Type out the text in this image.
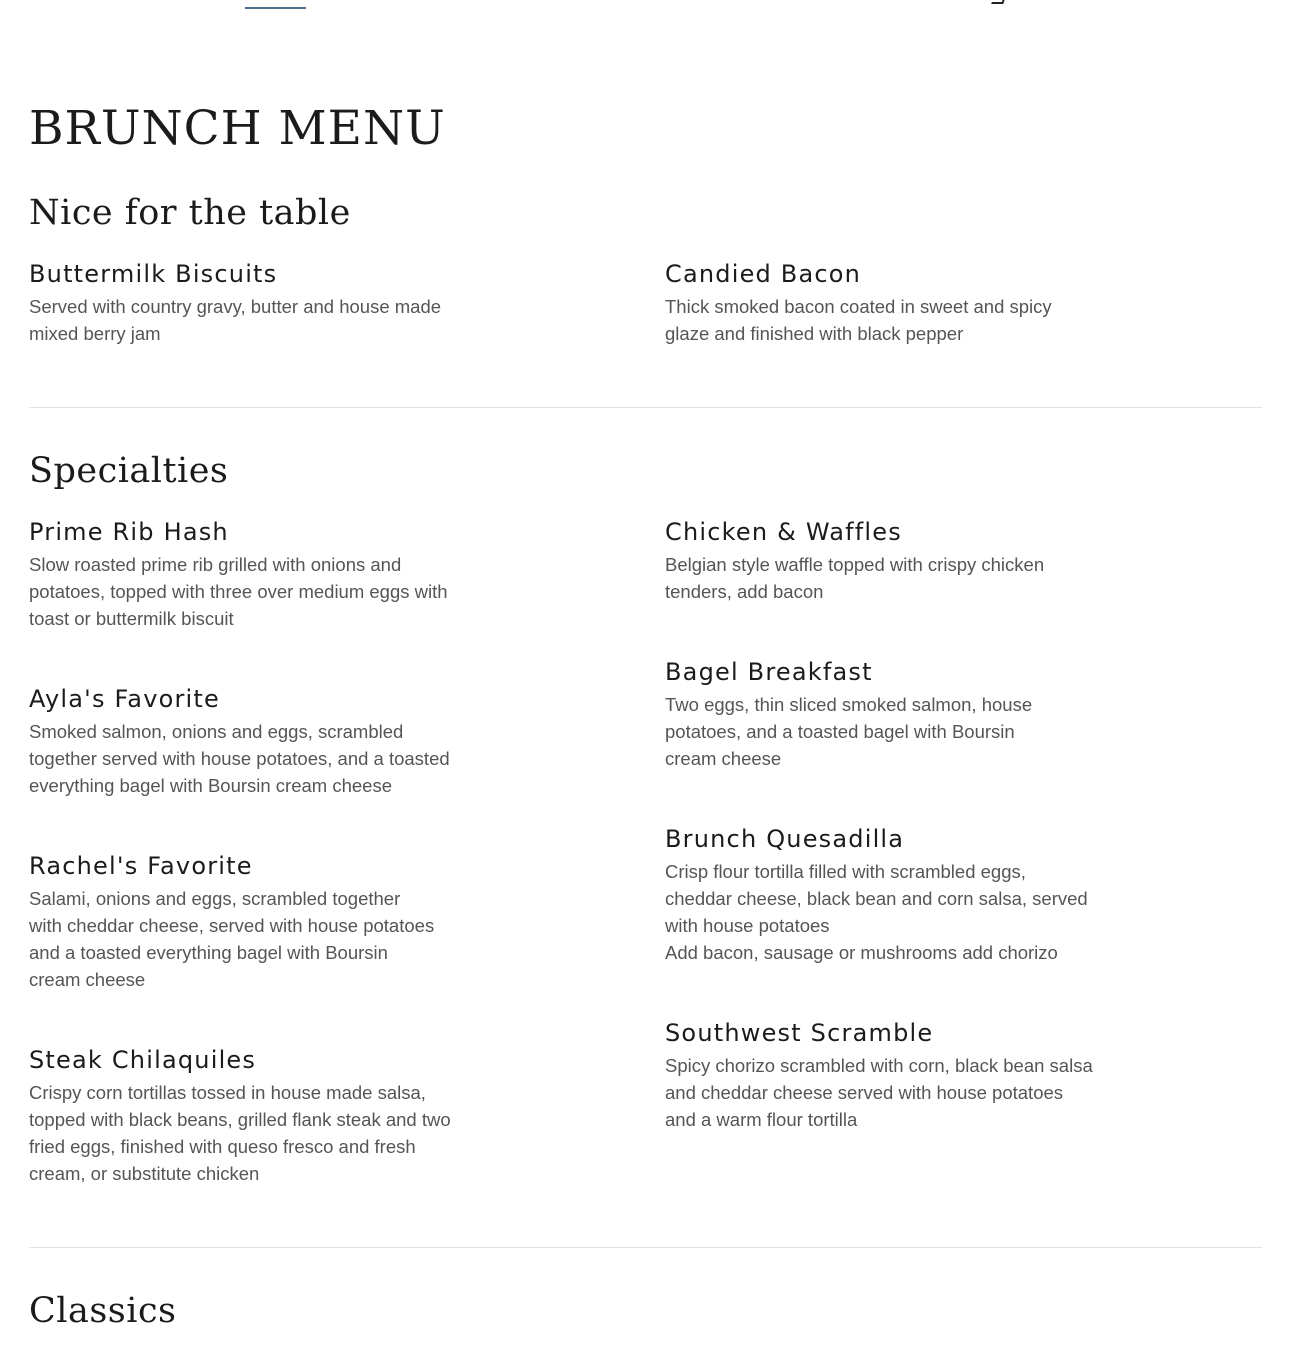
BRUNCH MENU
Nice for the table
Buttermilk Biscuits

Served with country gravy, butter and house made
mixed berry jam

Candied Bacon

Thick smoked bacon coated in sweet and spicy
glaze and finished with black pepper

Specialties
Prime Rib Hash

Slow roasted prime rib grilled with onions and
potatoes, topped with three over medium eggs with
toast or buttermilk biscuit

Chicken & Waffles

Belgian style waffle topped with crispy chicken
tenders, add bacon

Ayla's Favorite

Smoked salmon, onions and eggs, scrambled
together served with house potatoes, and a toasted
everything bagel with Boursin cream cheese

Bagel Breakfast

Two eggs, thin sliced smoked salmon, house
potatoes, and a toasted bagel with Boursin
cream cheese

Rachel's Favorite

Salami, onions and eggs, scrambled together
with cheddar cheese, served with house potatoes
and a toasted everything bagel with Boursin
cream cheese

Brunch Quesadilla

Crisp flour tortilla filled with scrambled eggs,
cheddar cheese, black bean and corn salsa, served
with house potatoes
Add bacon, sausage or mushrooms add chorizo

Steak Chilaquiles

Crispy corn tortillas tossed in house made salsa,
topped with black beans, grilled flank steak and two
fried eggs, finished with queso fresco and fresh
cream, or substitute chicken

Southwest Scramble

Spicy chorizo scrambled with corn, black bean salsa
and cheddar cheese served with house potatoes
and a warm flour tortilla

Classics
